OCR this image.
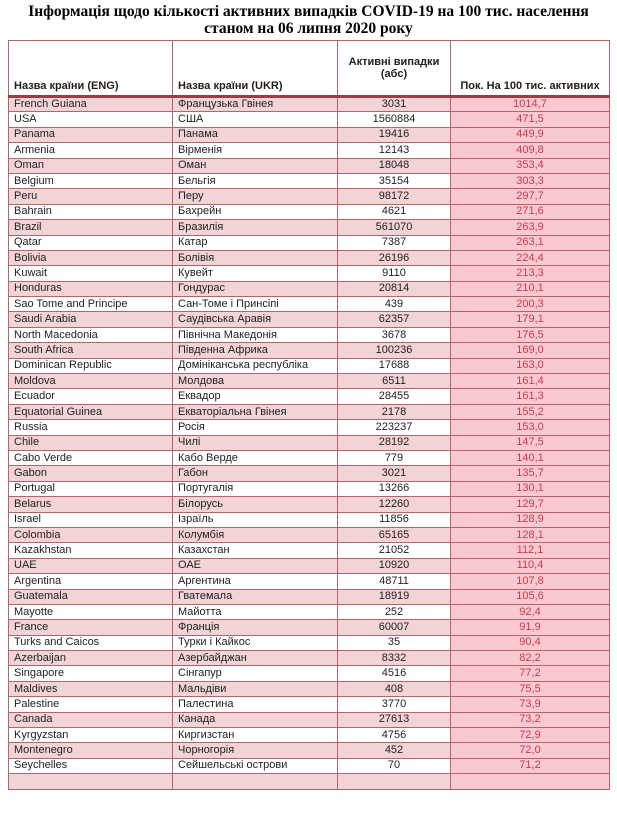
Інформація щодо кількості активних випадків COVID-19 на 100 тис. населення
станом на 06 липня 2020 року
Назва країни (ENG)	Назва країни (UKR)	Активні випадки (абс)	Пок. На 100 тис. активних
French Guiana	Французька Гвінея	3031	1014,7
USA	США	1560884	471,5
Panama	Панама	19416	449,9
Armenia	Вірменія	12143	409,8
Oman	Оман	18048	353,4
Belgium	Бельгія	35154	303,3
Peru	Перу	98172	297,7
Bahrain	Бахрейн	4621	271,6
Brazil	Бразилія	561070	263,9
Qatar	Катар	7387	263,1
Bolivia	Болівія	26196	224,4
Kuwait	Кувейт	9110	213,3
Honduras	Гондурас	20814	210,1
Sao Tome and Principe	Сан-Томе і Принсіпі	439	200,3
Saudi Arabia	Саудівська Аравія	62357	179,1
North Macedonia	Північна Македонія	3678	176,5
South Africa	Південна Африка	100236	169,0
Dominican Republic	Домініканська республіка	17688	163,0
Moldova	Молдова	6511	161,4
Ecuador	Еквадор	28455	161,3
Equatorial Guinea	Екваторіальна Гвінея	2178	155,2
Russia	Росія	223237	153,0
Chile	Чилі	28192	147,5
Cabo Verde	Кабо Верде	779	140,1
Gabon	Габон	3021	135,7
Portugal	Португалія	13266	130,1
Belarus	Білорусь	12260	129,7
Israel	Ізраїль	11856	128,9
Colombia	Колумбія	65165	128,1
Kazakhstan	Казахстан	21052	112,1
UAE	ОАЕ	10920	110,4
Argentina	Аргентина	48711	107,8
Guatemala	Гватемала	18919	105,6
Mayotte	Майотта	252	92,4
France	Франція	60007	91,9
Turks and Caicos	Турки і Кайкос	35	90,4
Azerbaijan	Азербайджан	8332	82,2
Singapore	Сінгапур	4516	77,2
Maldives	Мальдіви	408	75,5
Palestine	Палестина	3770	73,9
Canada	Канада	27613	73,2
Kyrgyzstan	Киргизстан	4756	72,9
Montenegro	Чорногорія	452	72,0
Seychelles	Сейшельські острови	70	71,2
